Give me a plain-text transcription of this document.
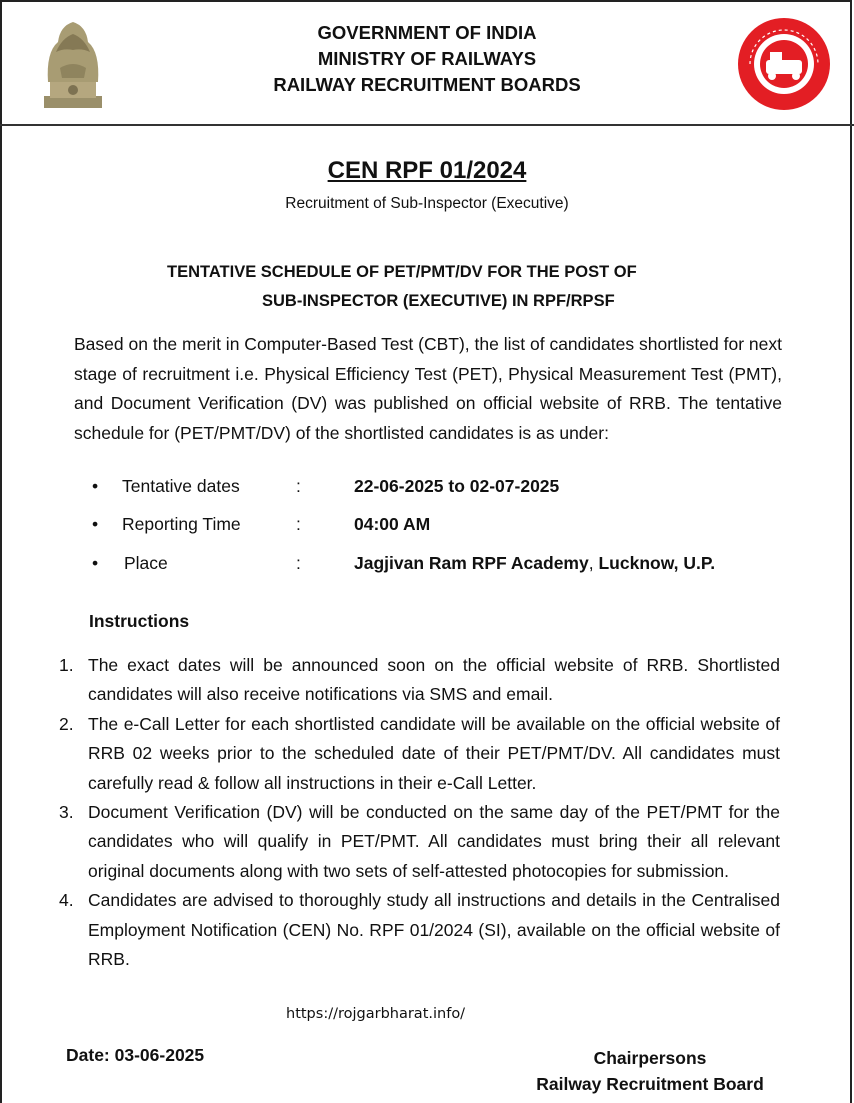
GOVERNMENT OF INDIA
MINISTRY OF RAILWAYS
RAILWAY RECRUITMENT BOARDS
CEN RPF 01/2024
Recruitment of Sub-Inspector (Executive)
TENTATIVE SCHEDULE OF PET/PMT/DV FOR THE POST OF
SUB-INSPECTOR (EXECUTIVE) IN RPF/RPSF
Based on the merit in Computer-Based Test (CBT), the list of candidates shortlisted for next stage of recruitment i.e. Physical Efficiency Test (PET), Physical Measurement Test (PMT), and Document Verification (DV) was published on official website of RRB. The tentative schedule for (PET/PMT/DV) of the shortlisted candidates is as under:
• Tentative dates	:	22-06-2025 to 02-07-2025
• Reporting Time	:	04:00 AM
• Place	:	Jagjivan Ram RPF Academy, Lucknow, U.P.
Instructions
1. The exact dates will be announced soon on the official website of RRB. Shortlisted candidates will also receive notifications via SMS and email.
2. The e-Call Letter for each shortlisted candidate will be available on the official website of RRB 02 weeks prior to the scheduled date of their PET/PMT/DV. All candidates must carefully read & follow all instructions in their e-Call Letter.
3. Document Verification (DV) will be conducted on the same day of the PET/PMT for the candidates who will qualify in PET/PMT. All candidates must bring their all relevant original documents along with two sets of self-attested photocopies for submission.
4. Candidates are advised to thoroughly study all instructions and details in the Centralised Employment Notification (CEN) No. RPF 01/2024 (SI), available on the official website of RRB.
https://rojgarbharat.info/
Date: 03-06-2025	Chairpersons
Railway Recruitment Board
